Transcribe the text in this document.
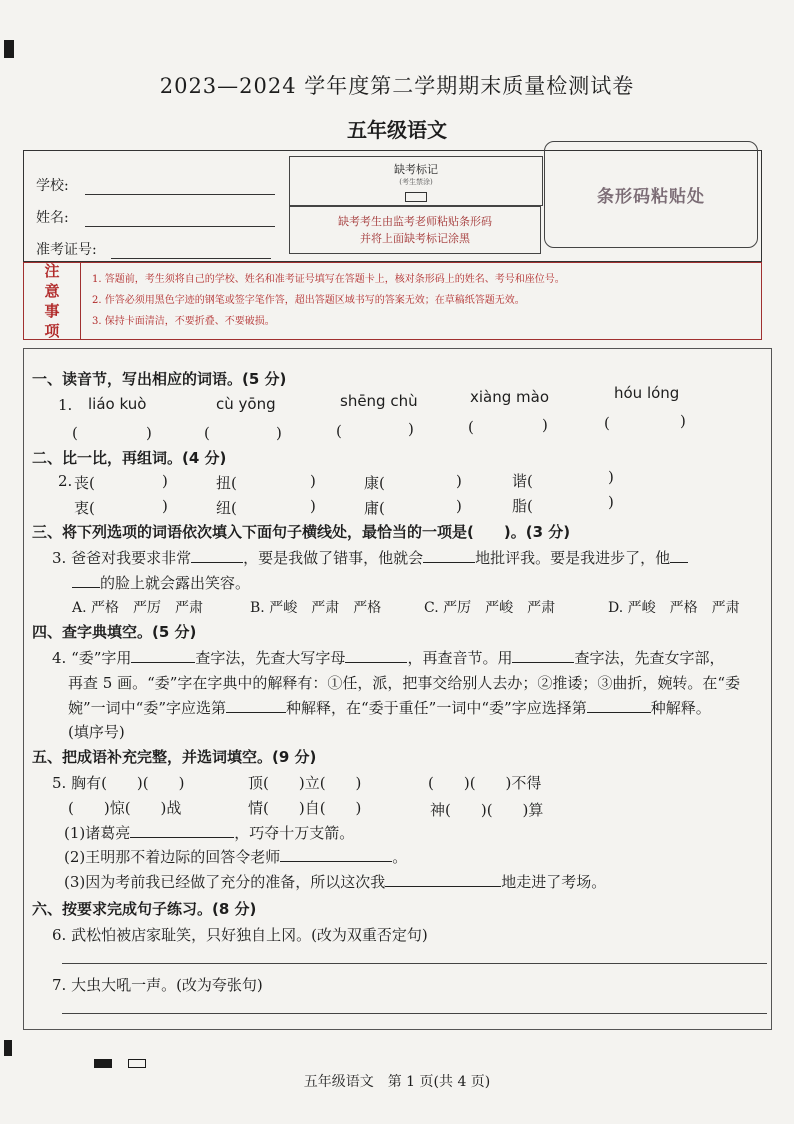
2023—2024 学年度第二学期期末质量检测试卷
五年级语文
学校:
姓名:
准考证号:
缺考标记
(考生禁涂)
缺考考生由监考老师粘贴条形码
并将上面缺考标记涂黑
条形码粘贴处
注
意
事
项
1. 答题前，考生须将自己的学校、姓名和准考证号填写在答题卡上，核对条形码上的姓名、考号和座位号。
2. 作答必须用黑色字迹的钢笔或签字笔作答，超出答题区域书写的答案无效；在草稿纸答题无效。
3. 保持卡面清洁，不要折叠、不要破损。
一、读音节，写出相应的词语。(5 分)
1. liáo kuò	cù yōng	shēng chù	xiàng mào	hóu lóng
(	)	(	)	(	)	(	)	(	)
二、比一比，再组词。(4 分)
2. 丧(	)	扭(	)	康(	)	谐(	)
衷(	)	纽(	)	庸(	)	脂(	)
三、将下列选项的词语依次填入下面句子横线处，最恰当的一项是(　　)。(3 分)
3. 爸爸对我要求非常	，要是我做了错事，他就会	地批评我。要是我进步了，他
的脸上就会露出笑容。
A. 严格　严厉　严肃	B. 严峻　严肃　严格	C. 严厉　严峻　严肃	D. 严峻　严格　严肃
四、查字典填空。(5 分)
4. “委”字用	查字法，先查大写字母	，再查音节。用	查字法，先查女字部，
再查 5 画。“委”字在字典中的解释有：①任，派，把事交给别人去办；②推诿；③曲折，婉转。在“委
婉”一词中“委”字应选第	种解释，在“委于重任”一词中“委”字应选择第	种解释。
(填序号)
五、把成语补充完整，并选词填空。(9 分)
5. 胸有(　　)(　　)	顶(　　)立(　　)	(　　)(　　)不得
(　　)惊(　　)战	情(　　)自(　　)	神(　　)(　　)算
(1)诸葛亮	，巧夺十万支箭。
(2)王明那不着边际的回答令老师	。
(3)因为考前我已经做了充分的准备，所以这次我	地走进了考场。
六、按要求完成句子练习。(8 分)
6. 武松怕被店家耻笑，只好独自上冈。(改为双重否定句)
7. 大虫大吼一声。(改为夸张句)
五年级语文　第 1 页(共 4 页)
